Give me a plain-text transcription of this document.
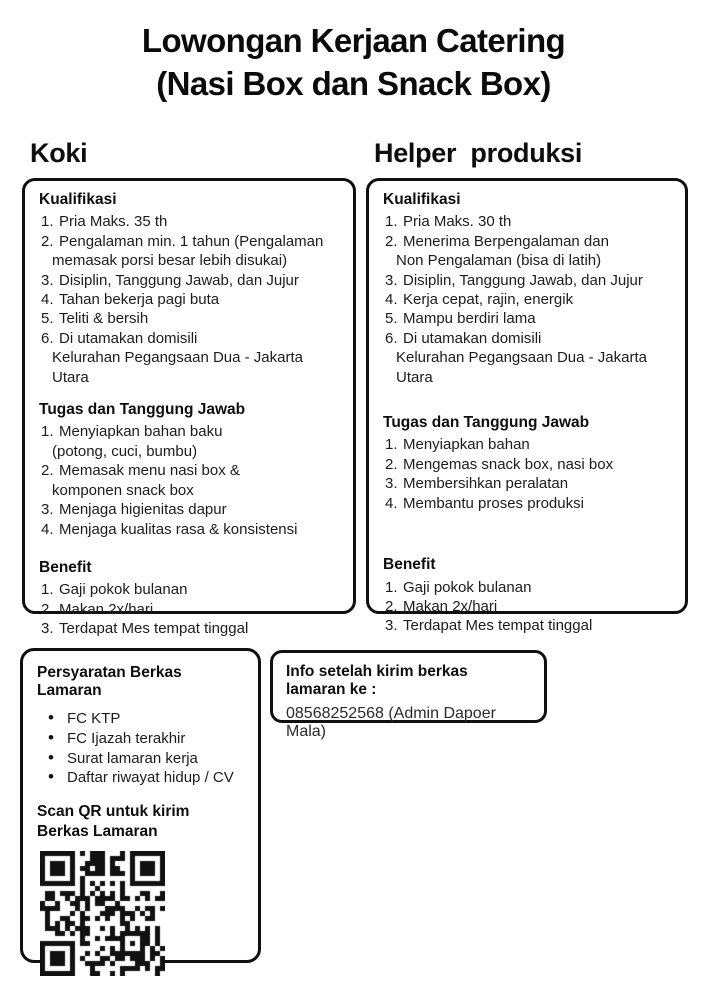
Lowongan Kerjaan Catering
(Nasi Box dan Snack Box)
Koki	Helper produksi
Kualifikasi
1. Pria Maks. 35 th
2. Pengalaman min. 1 tahun (Pengalaman
memasak porsi besar lebih disukai)
3. Disiplin, Tanggung Jawab, dan Jujur
4. Tahan bekerja pagi buta
5. Teliti & bersih
6. Di utamakan domisili
Kelurahan Pegangsaan Dua - Jakarta Utara
Tugas dan Tanggung Jawab
1. Menyiapkan bahan baku
(potong, cuci, bumbu)
2. Memasak menu nasi box &
komponen snack box
3. Menjaga higienitas dapur
4. Menjaga kualitas rasa & konsistensi
Benefit
1. Gaji pokok bulanan
2. Makan 2x/hari
3. Terdapat Mes tempat tinggal
Kualifikasi
1. Pria Maks. 30 th
2. Menerima Berpengalaman dan
Non Pengalaman (bisa di latih)
3. Disiplin, Tanggung Jawab, dan Jujur
4. Kerja cepat, rajin, energik
5. Mampu berdiri lama
6. Di utamakan domisili
Kelurahan Pegangsaan Dua - Jakarta Utara
Tugas dan Tanggung Jawab
1. Menyiapkan bahan
2. Mengemas snack box, nasi box
3. Membersihkan peralatan
4. Membantu proses produksi
Benefit
1. Gaji pokok bulanan
2. Makan 2x/hari
3. Terdapat Mes tempat tinggal
Persyaratan Berkas Lamaran
• FC KTP
• FC Ijazah terakhir
• Surat lamaran kerja
• Daftar riwayat hidup / CV
Scan QR untuk kirim
Berkas Lamaran
Info setelah kirim berkas lamaran ke :
08568252568 (Admin Dapoer Mala)
